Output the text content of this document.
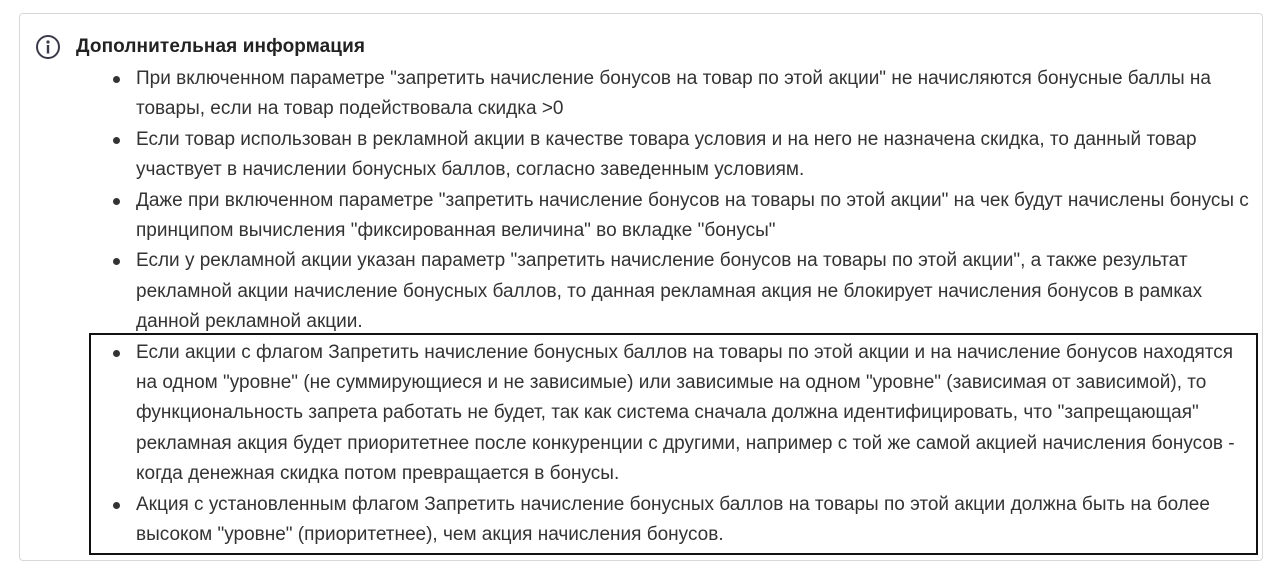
Дополнительная информация
При включенном параметре "запретить начисление бонусов на товар по этой акции" не начисляются бонусные баллы на товары, если на товар подействовала скидка >0
Если товар использован в рекламной акции в качестве товара условия и на него не назначена скидка, то данный товар участвует в начислении бонусных баллов, согласно заведенным условиям.
Даже при включенном параметре "запретить начисление бонусов на товары по этой акции" на чек будут начислены бонусы с принципом вычисления "фиксированная величина" во вкладке "бонусы"
Если у рекламной акции указан параметр "запретить начисление бонусов на товары по этой акции", а также результат рекламной акции начисление бонусных баллов, то данная рекламная акция не блокирует начисления бонусов в рамках данной рекламной акции.
Если акции с флагом Запретить начисление бонусных баллов на товары по этой акции и на начисление бонусов находятся на одном "уровне" (не суммирующиеся и не зависимые) или зависимые на одном "уровне" (зависимая от зависимой), то функциональность запрета работать не будет, так как система сначала должна идентифицировать, что "запрещающая" рекламная акция будет приоритетнее после конкуренции с другими, например с той же самой акцией начисления бонусов - когда денежная скидка потом превращается в бонусы.
Акция с установленным флагом Запретить начисление бонусных баллов на товары по этой акции должна быть на более высоком "уровне" (приоритетнее), чем акция начисления бонусов.
